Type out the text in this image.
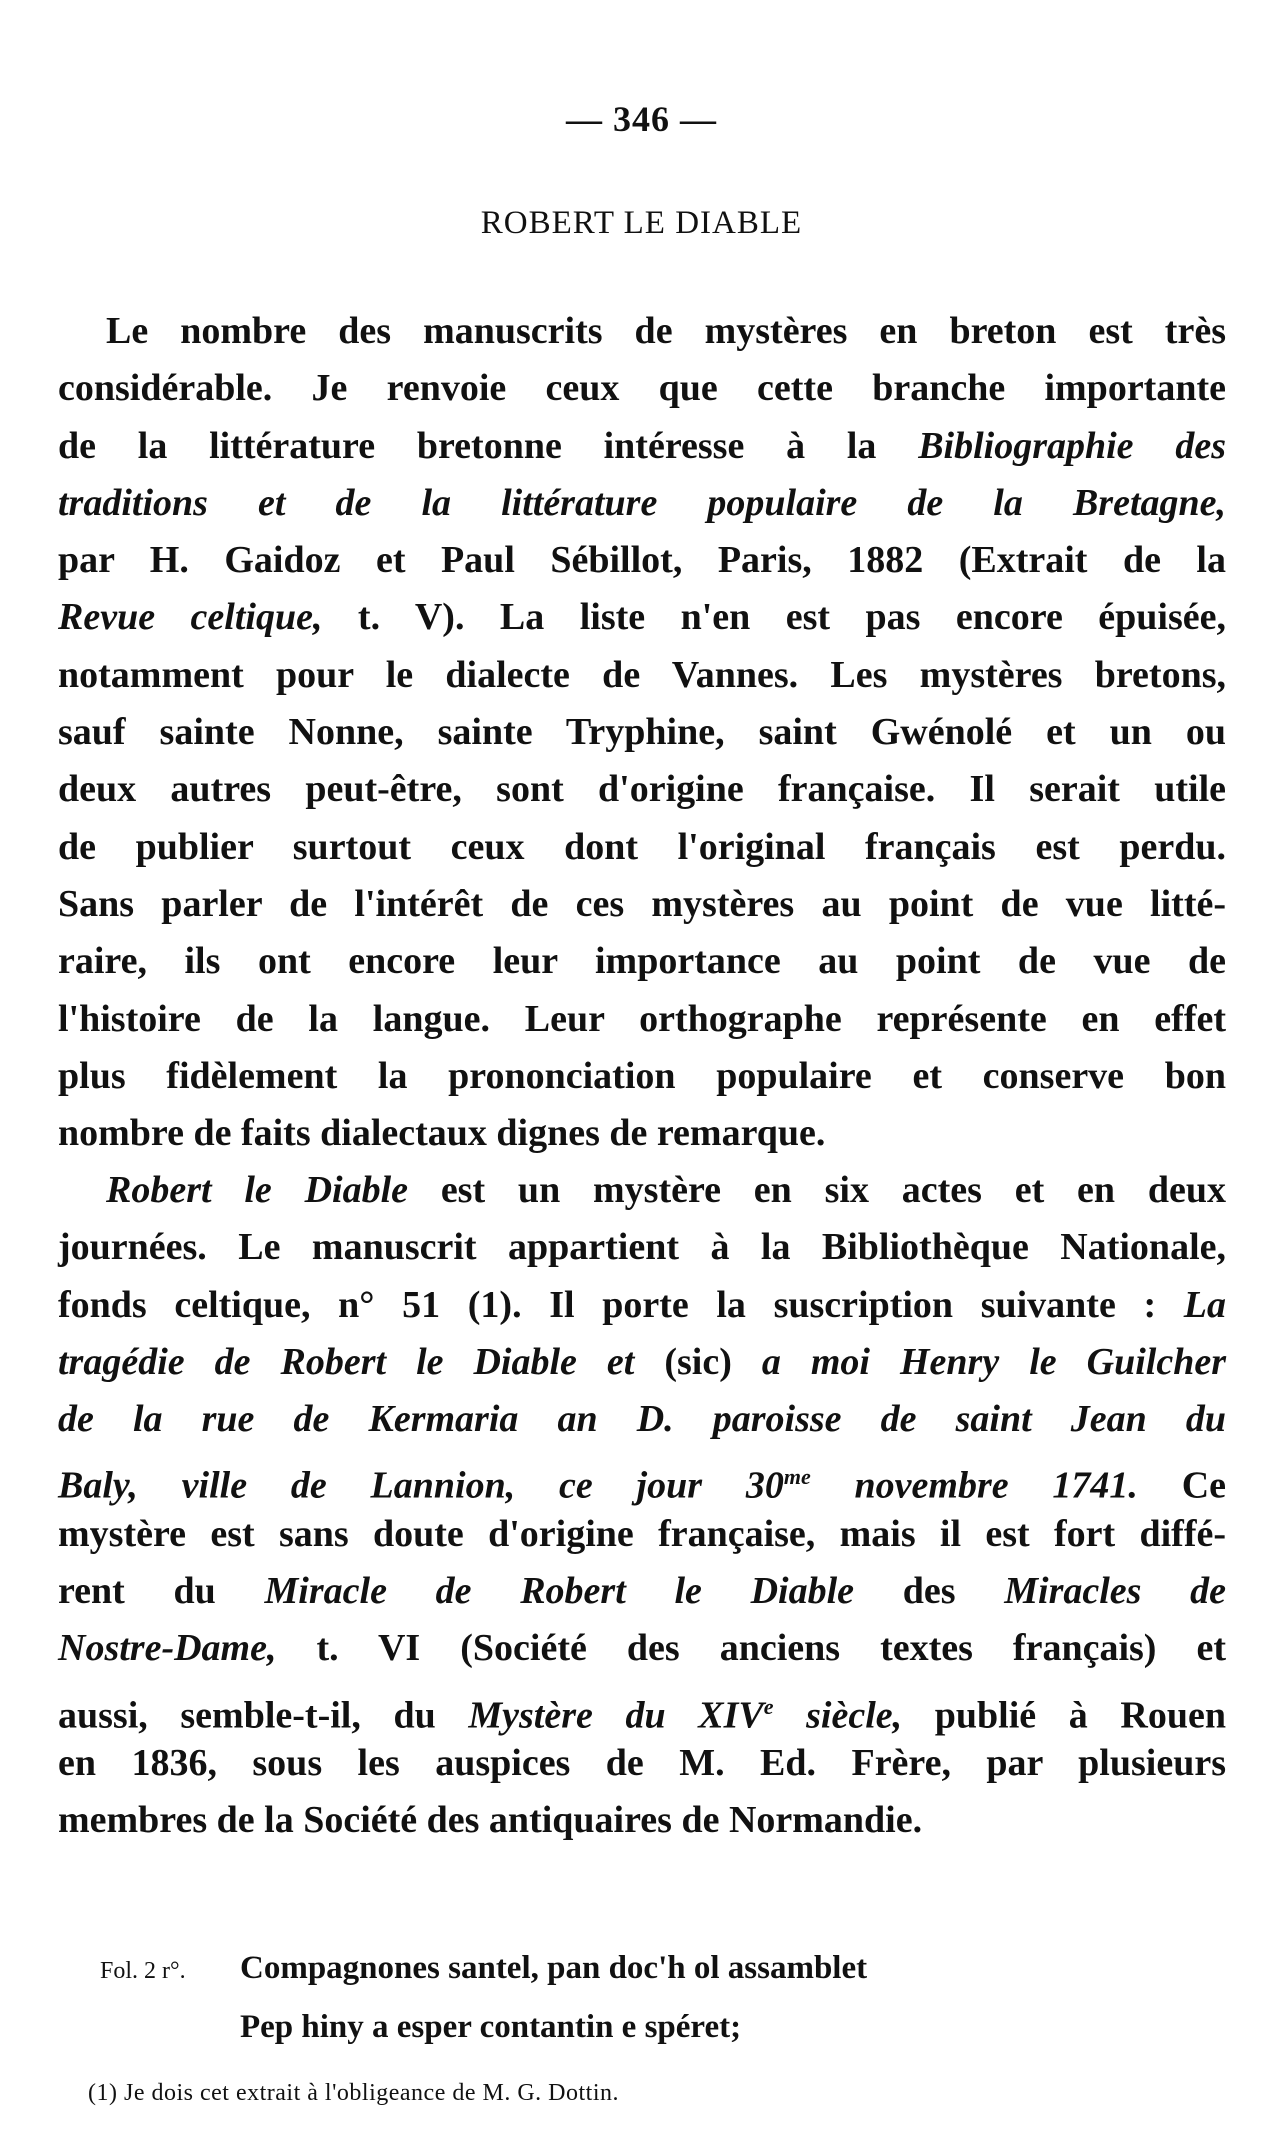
— 346 —
ROBERT LE DIABLE
Le nombre des manuscrits de mystères en breton est très
considérable. Je renvoie ceux que cette branche importante
de la littérature bretonne intéresse à la Bibliographie des
traditions et de la littérature populaire de la Bretagne,
par H. Gaidoz et Paul Sébillot, Paris, 1882 (Extrait de la
Revue celtique, t. V). La liste n'en est pas encore épuisée,
notamment pour le dialecte de Vannes. Les mystères bretons,
sauf sainte Nonne, sainte Tryphine, saint Gwénolé et un ou
deux autres peut-être, sont d'origine française. Il serait utile
de publier surtout ceux dont l'original français est perdu.
Sans parler de l'intérêt de ces mystères au point de vue litté-
raire, ils ont encore leur importance au point de vue de
l'histoire de la langue. Leur orthographe représente en effet
plus fidèlement la prononciation populaire et conserve bon
nombre de faits dialectaux dignes de remarque.
Robert le Diable est un mystère en six actes et en deux
journées. Le manuscrit appartient à la Bibliothèque Nationale,
fonds celtique, n° 51 (1). Il porte la suscription suivante : La
tragédie de Robert le Diable et (sic) a moi Henry le Guilcher
de la rue de Kermaria an D. paroisse de saint Jean du
Baly, ville de Lannion, ce jour $30^{me}$ novembre 1741. Ce
mystère est sans doute d'origine française, mais il est fort diffé-
rent du Miracle de Robert le Diable des Miracles de
Nostre-Dame, t. VI (Société des anciens textes français) et
aussi, semble-t-il, du Mystère du XIVe siècle, publié à Rouen
en 1836, sous les auspices de M. Ed. Frère, par plusieurs
membres de la Société des antiquaires de Normandie.
Fol. 2 r°. Compagnones santel, pan doc'h ol assamblet
Pep hiny a esper contantin e spéret;
(1) Je dois cet extrait à l'obligeance de M. G. Dottin.
